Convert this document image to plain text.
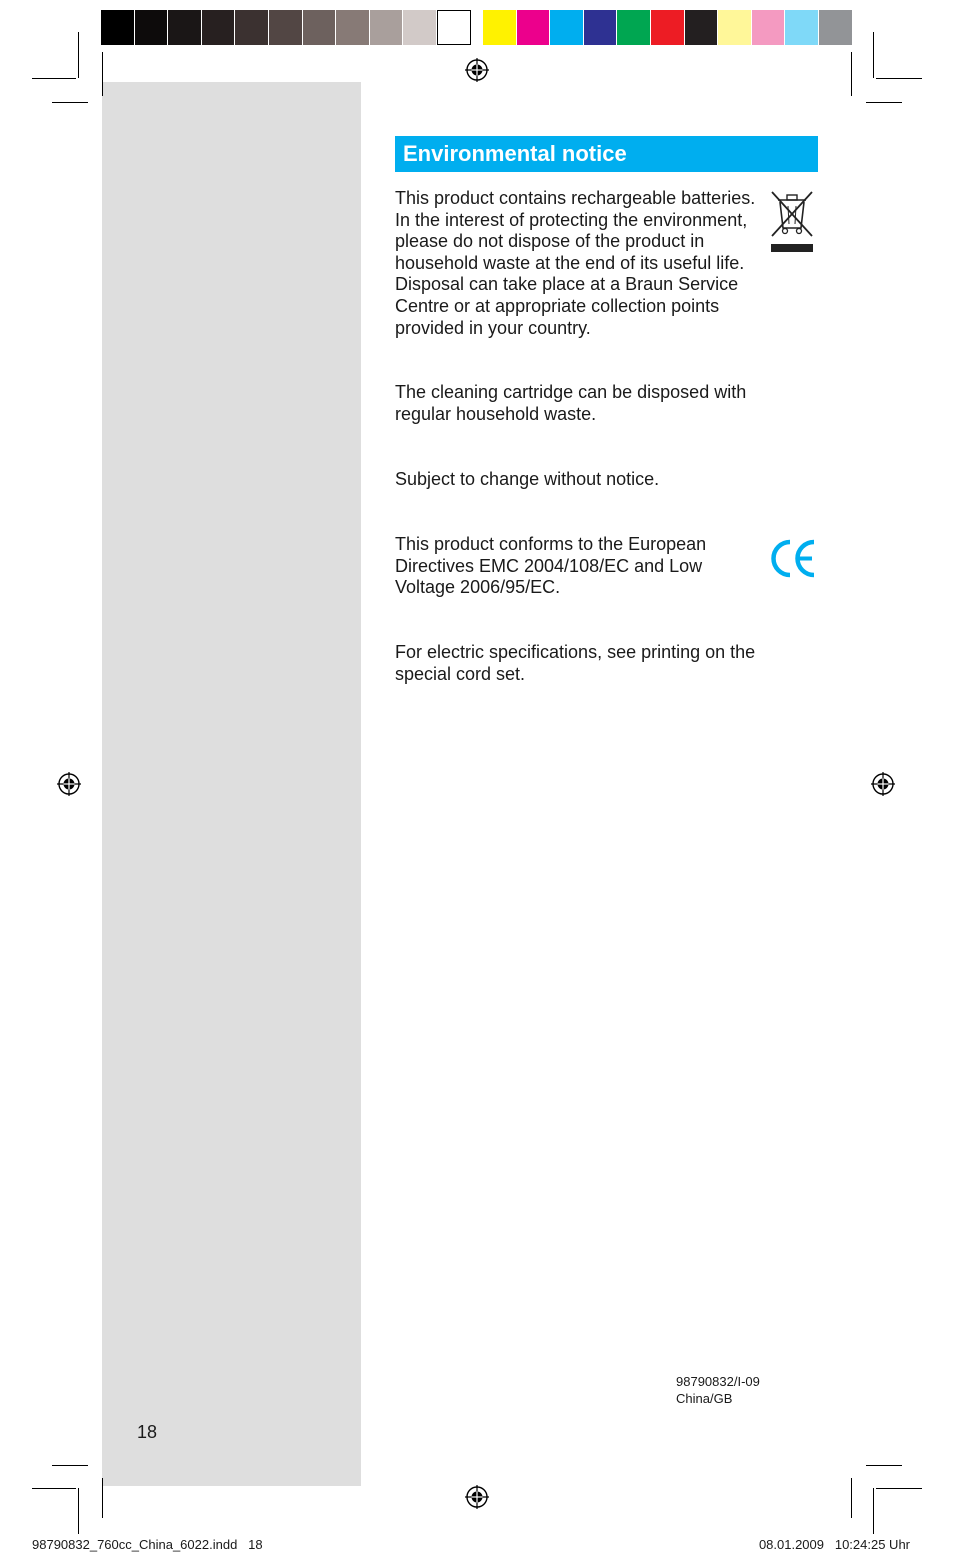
Environmental notice

This product contains rechargeable batteries. In the interest of protecting the environment, please do not dispose of the product in household waste at the end of its useful life. Disposal can take place at a Braun Service Centre or at appropriate collection points provided in your country.

The cleaning cartridge can be disposed with regular household waste.

Subject to change without notice.

This product conforms to the European Directives EMC 2004/108/EC and Low Voltage 2006/95/EC.

For electric specifications, see printing on the special cord set.

98790832/I-09
China/GB
18
98790832_760cc_China_6022.indd   18	08.01.2009   10:24:25 Uhr
